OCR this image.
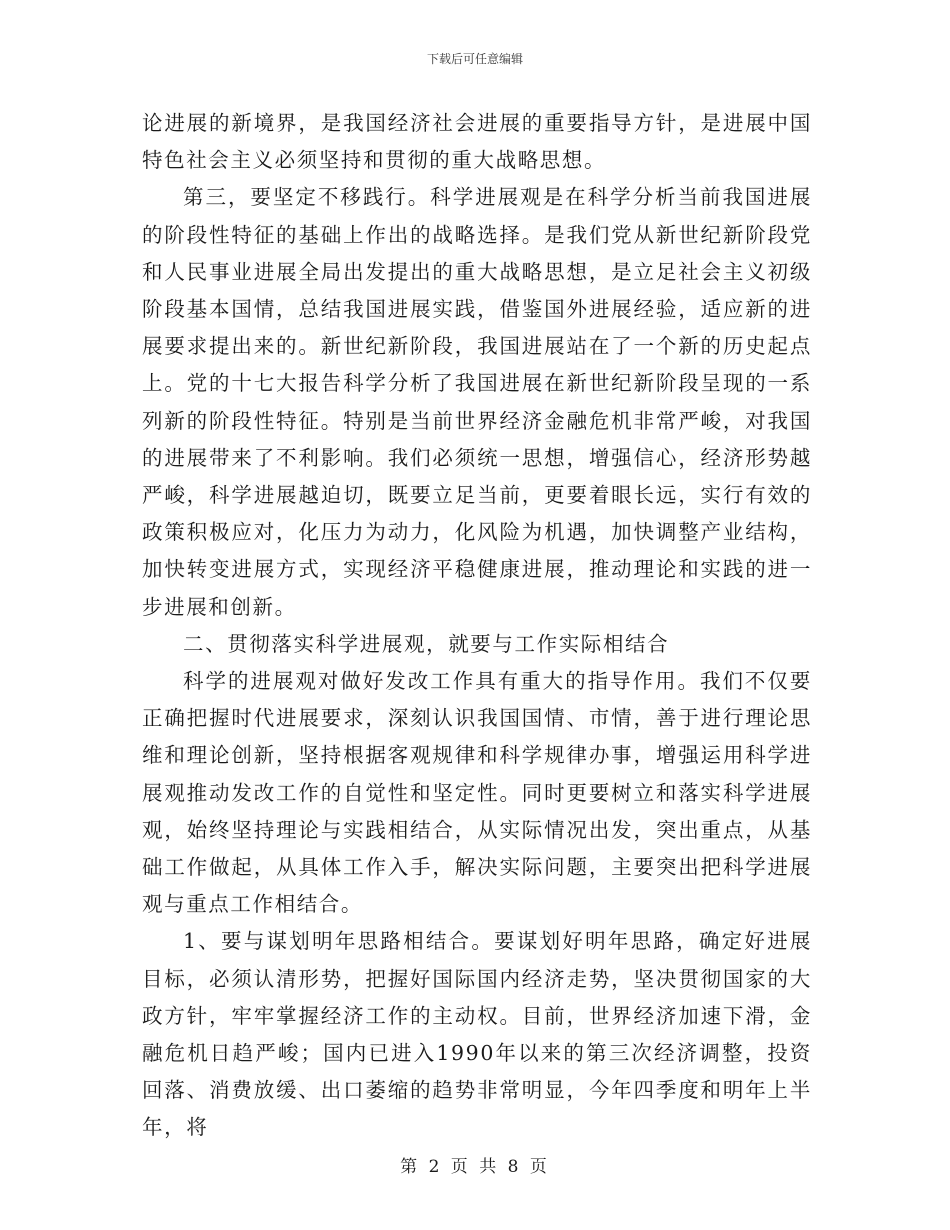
下载后可任意编辑

论进展的新境界，是我国经济社会进展的重要指导方针，是进展中国特色社会主义必须坚持和贯彻的重大战略思想。

第三，要坚定不移践行。科学进展观是在科学分析当前我国进展的阶段性特征的基础上作出的战略选择。是我们党从新世纪新阶段党和人民事业进展全局出发提出的重大战略思想，是立足社会主义初级阶段基本国情，总结我国进展实践，借鉴国外进展经验，适应新的进展要求提出来的。新世纪新阶段，我国进展站在了一个新的历史起点上。党的十七大报告科学分析了我国进展在新世纪新阶段呈现的一系列新的阶段性特征。特别是当前世界经济金融危机非常严峻，对我国的进展带来了不利影响。我们必须统一思想，增强信心，经济形势越严峻，科学进展越迫切，既要立足当前，更要着眼长远，实行有效的政策积极应对，化压力为动力，化风险为机遇，加快调整产业结构，加快转变进展方式，实现经济平稳健康进展，推动理论和实践的进一步进展和创新。

二、贯彻落实科学进展观，就要与工作实际相结合

科学的进展观对做好发改工作具有重大的指导作用。我们不仅要正确把握时代进展要求，深刻认识我国国情、市情，善于进行理论思维和理论创新，坚持根据客观规律和科学规律办事，增强运用科学进展观推动发改工作的自觉性和坚定性。同时更要树立和落实科学进展观，始终坚持理论与实践相结合，从实际情况出发，突出重点，从基础工作做起，从具体工作入手，解决实际问题，主要突出把科学进展观与重点工作相结合。

1、要与谋划明年思路相结合。要谋划好明年思路，确定好进展目标，必须认清形势，把握好国际国内经济走势，坚决贯彻国家的大政方针，牢牢掌握经济工作的主动权。目前，世界经济加速下滑，金融危机日趋严峻；国内已进入1990年以来的第三次经济调整，投资回落、消费放缓、出口萎缩的趋势非常明显，今年四季度和明年上半年，将

第 2 页 共 8 页
